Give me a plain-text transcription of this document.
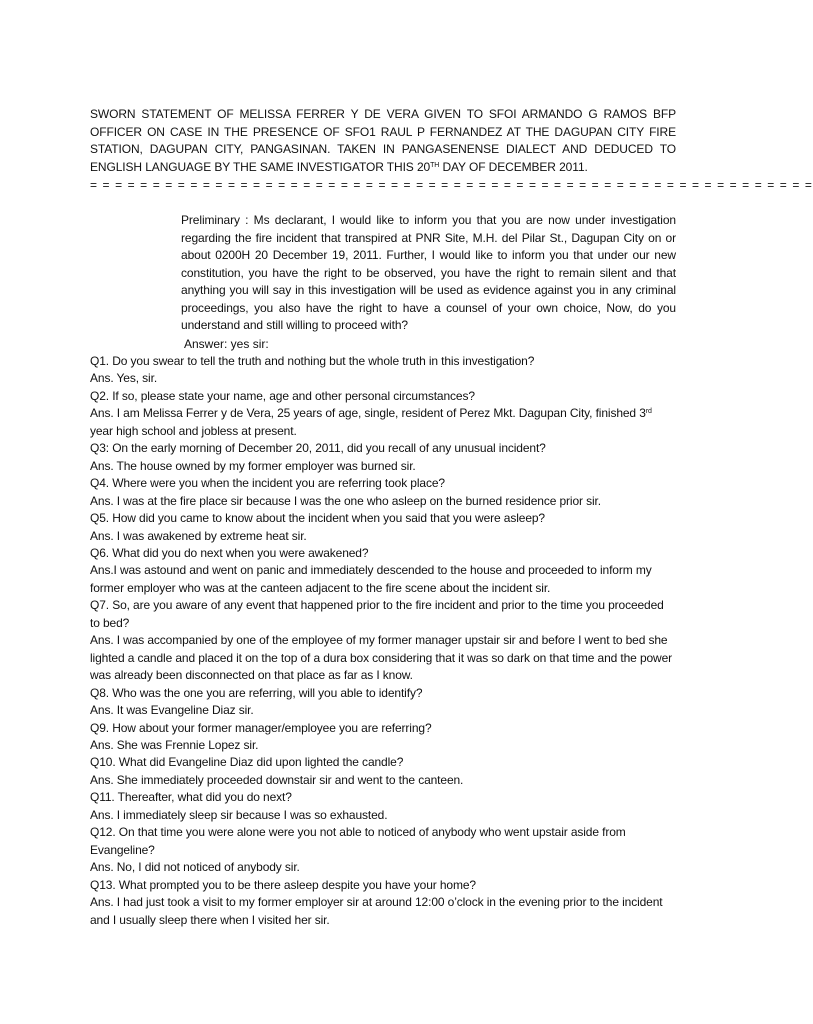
SWORN STATEMENT OF MELISSA FERRER Y DE VERA GIVEN TO SFOI ARMANDO G RAMOS BFP OFFICER ON CASE IN THE PRESENCE OF SFO1 RAUL P FERNANDEZ AT THE DAGUPAN CITY FIRE STATION, DAGUPAN CITY, PANGASINAN. TAKEN IN PANGASENENSE DIALECT AND DEDUCED TO ENGLISH LANGUAGE BY THE SAME INVESTIGATOR THIS 20TH DAY OF DECEMBER 2011.
= = = = = = = = = = = = = = = = = = = = = = = = = = = = = = = = = = = = = = = = = = = = = = = = = = = = = = = = = =
Preliminary : Ms declarant, I would like to inform you that you are now under investigation regarding the fire incident that transpired at PNR Site, M.H. del Pilar St., Dagupan City on or about 0200H 20 December 19, 2011. Further, I would like to inform you that under our new constitution, you have the right to be observed, you have the right to remain silent and that anything you will say in this investigation will be used as evidence against you in any criminal proceedings, you also have the right to have a counsel of your own choice, Now, do you understand and still willing to proceed with?
Answer: yes sir:
Q1. Do you swear to tell the truth and nothing but the whole truth in this investigation?
Ans. Yes, sir.
Q2. If so, please state your name, age and other personal circumstances?
Ans. I am Melissa Ferrer y de Vera, 25 years of age, single, resident of Perez Mkt. Dagupan City, finished 3rd year high school and jobless at present.
Q3: On the early morning of December 20, 2011, did you recall of any unusual incident?
Ans. The house owned by my former employer was burned sir.
Q4. Where were you when the incident you are referring took place?
Ans. I was at the fire place sir because I was the one who asleep on the burned residence prior sir.
Q5. How did you came to know about the incident when you said that you were asleep?
Ans. I was awakened by extreme heat sir.
Q6. What did you do next when you were awakened?
Ans.I was astound and went on panic and immediately descended to the house and proceeded to inform my former employer who was at the canteen adjacent to the fire scene about the incident sir.
Q7. So, are you aware of any event that happened prior to the fire incident and prior to the time you proceeded to bed?
Ans. I was accompanied by one of the employee of my former manager upstair sir and before I went to bed she lighted a candle and placed it on the top of a dura box considering that it was so dark on that time and the power was already been disconnected on that place as far as I know.
Q8. Who was the one you are referring, will you able to identify?
Ans. It was Evangeline Diaz sir.
Q9. How about your former manager/employee you are referring?
Ans. She was Frennie Lopez sir.
Q10. What did Evangeline Diaz did upon lighted the candle?
Ans. She immediately proceeded downstair sir and went to the canteen.
Q11. Thereafter, what did you do next?
Ans. I immediately sleep sir because I was so exhausted.
Q12. On that time you were alone were you not able to noticed of anybody who went upstair aside from Evangeline?
Ans. No, I did not noticed of anybody sir.
Q13. What prompted you to be there asleep despite you have your home?
Ans. I had just took a visit to my former employer sir at around 12:00 o’clock in the evening prior to the incident and I usually sleep there when I visited her sir.
